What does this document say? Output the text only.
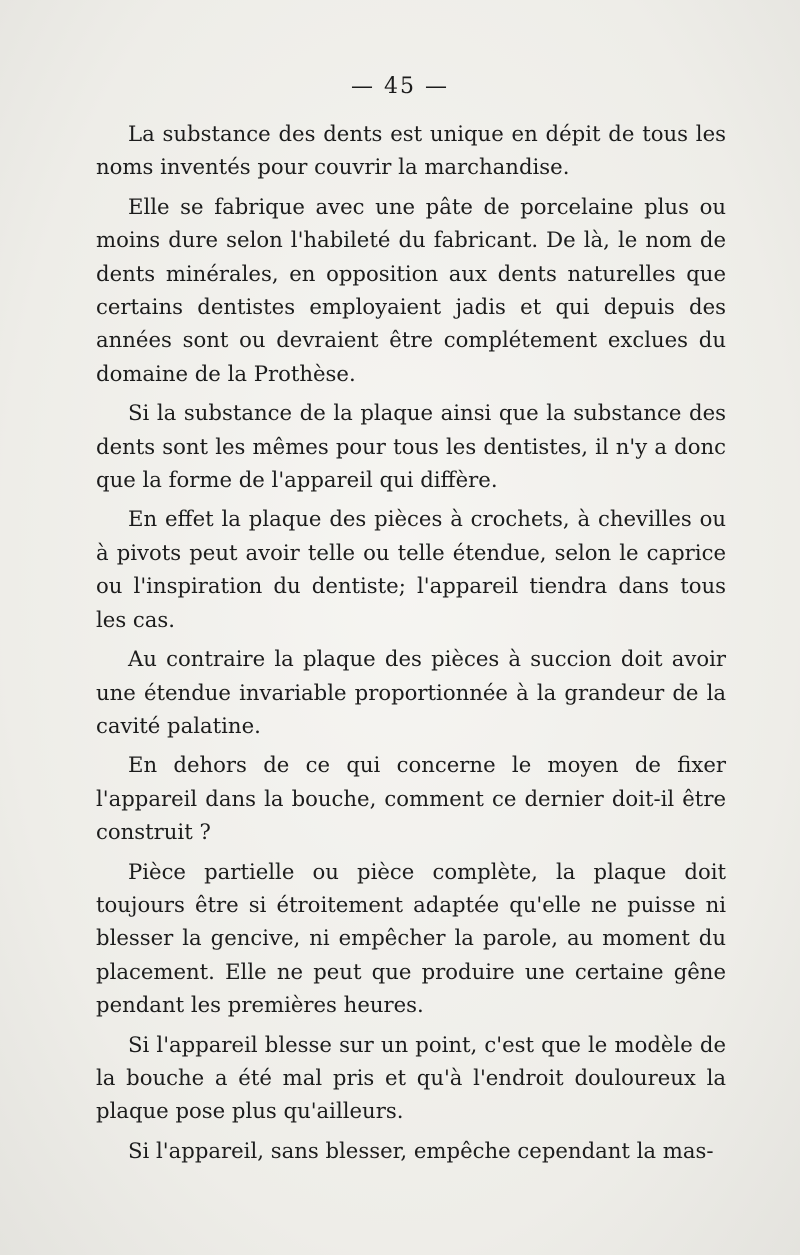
— 45 —

La substance des dents est unique en dépit de tous les noms inventés pour couvrir la marchandise.

Elle se fabrique avec une pâte de porcelaine plus ou moins dure selon l'habileté du fabricant. De là, le nom de dents minérales, en opposition aux dents naturelles que certains dentistes employaient jadis et qui depuis des années sont ou devraient être complétement exclues du domaine de la Prothèse.

Si la substance de la plaque ainsi que la substance des dents sont les mêmes pour tous les dentistes, il n'y a donc que la forme de l'appareil qui diffère.

En effet la plaque des pièces à crochets, à chevilles ou à pivots peut avoir telle ou telle étendue, selon le caprice ou l'inspiration du dentiste; l'appareil tiendra dans tous les cas.

Au contraire la plaque des pièces à succion doit avoir une étendue invariable proportionnée à la grandeur de la cavité palatine.

En dehors de ce qui concerne le moyen de fixer l'appareil dans la bouche, comment ce dernier doit-il être construit ?

Pièce partielle ou pièce complète, la plaque doit toujours être si étroitement adaptée qu'elle ne puisse ni blesser la gencive, ni empêcher la parole, au moment du placement. Elle ne peut que produire une certaine gêne pendant les premières heures.

Si l'appareil blesse sur un point, c'est que le modèle de la bouche a été mal pris et qu'à l'endroit douloureux la plaque pose plus qu'ailleurs.

Si l'appareil, sans blesser, empêche cependant la mas-
